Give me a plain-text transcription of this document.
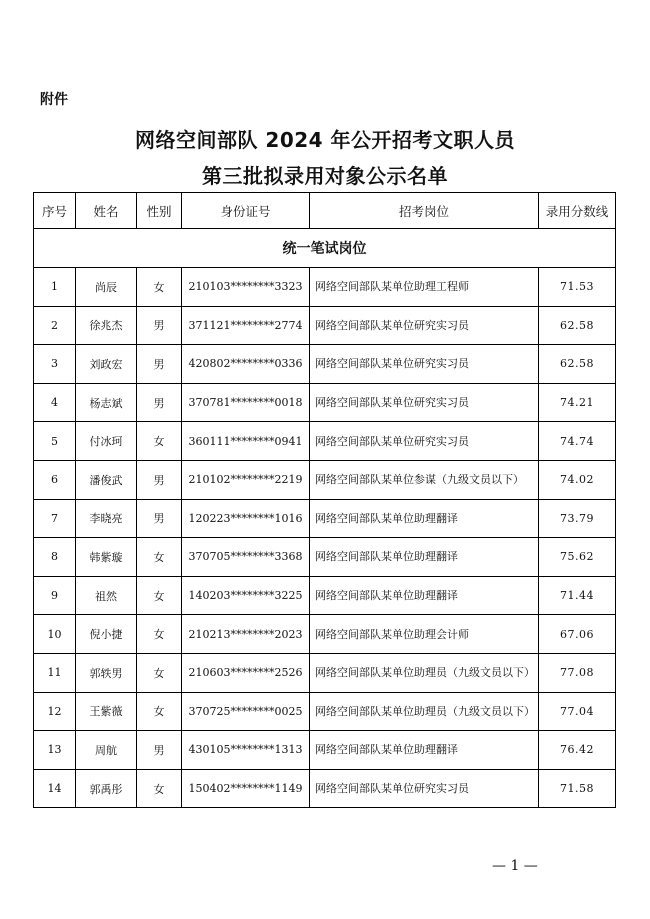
附件
网络空间部队 2024 年公开招考文职人员
第三批拟录用对象公示名单
序号	姓名	性别	身份证号	招考岗位	录用分数线
统一笔试岗位					
1	尚辰	女	210103********3323	网络空间部队某单位助理工程师	71.53
2	徐兆杰	男	371121********2774	网络空间部队某单位研究实习员	62.58
3	刘政宏	男	420802********0336	网络空间部队某单位研究实习员	62.58
4	杨志斌	男	370781********0018	网络空间部队某单位研究实习员	74.21
5	付冰珂	女	360111********0941	网络空间部队某单位研究实习员	74.74
6	潘俊武	男	210102********2219	网络空间部队某单位参谋（九级文员以下）	74.02
7	李晓亮	男	120223********1016	网络空间部队某单位助理翻译	73.79
8	韩紫璇	女	370705********3368	网络空间部队某单位助理翻译	75.62
9	祖然	女	140203********3225	网络空间部队某单位助理翻译	71.44
10	倪小捷	女	210213********2023	网络空间部队某单位助理会计师	67.06
11	郭轶男	女	210603********2526	网络空间部队某单位助理员（九级文员以下）	77.08
12	王紫薇	女	370725********0025	网络空间部队某单位助理员（九级文员以下）	77.04
13	周航	男	430105********1313	网络空间部队某单位助理翻译	76.42
14	郭禹彤	女	150402********1149	网络空间部队某单位研究实习员	71.58
— 1 —
